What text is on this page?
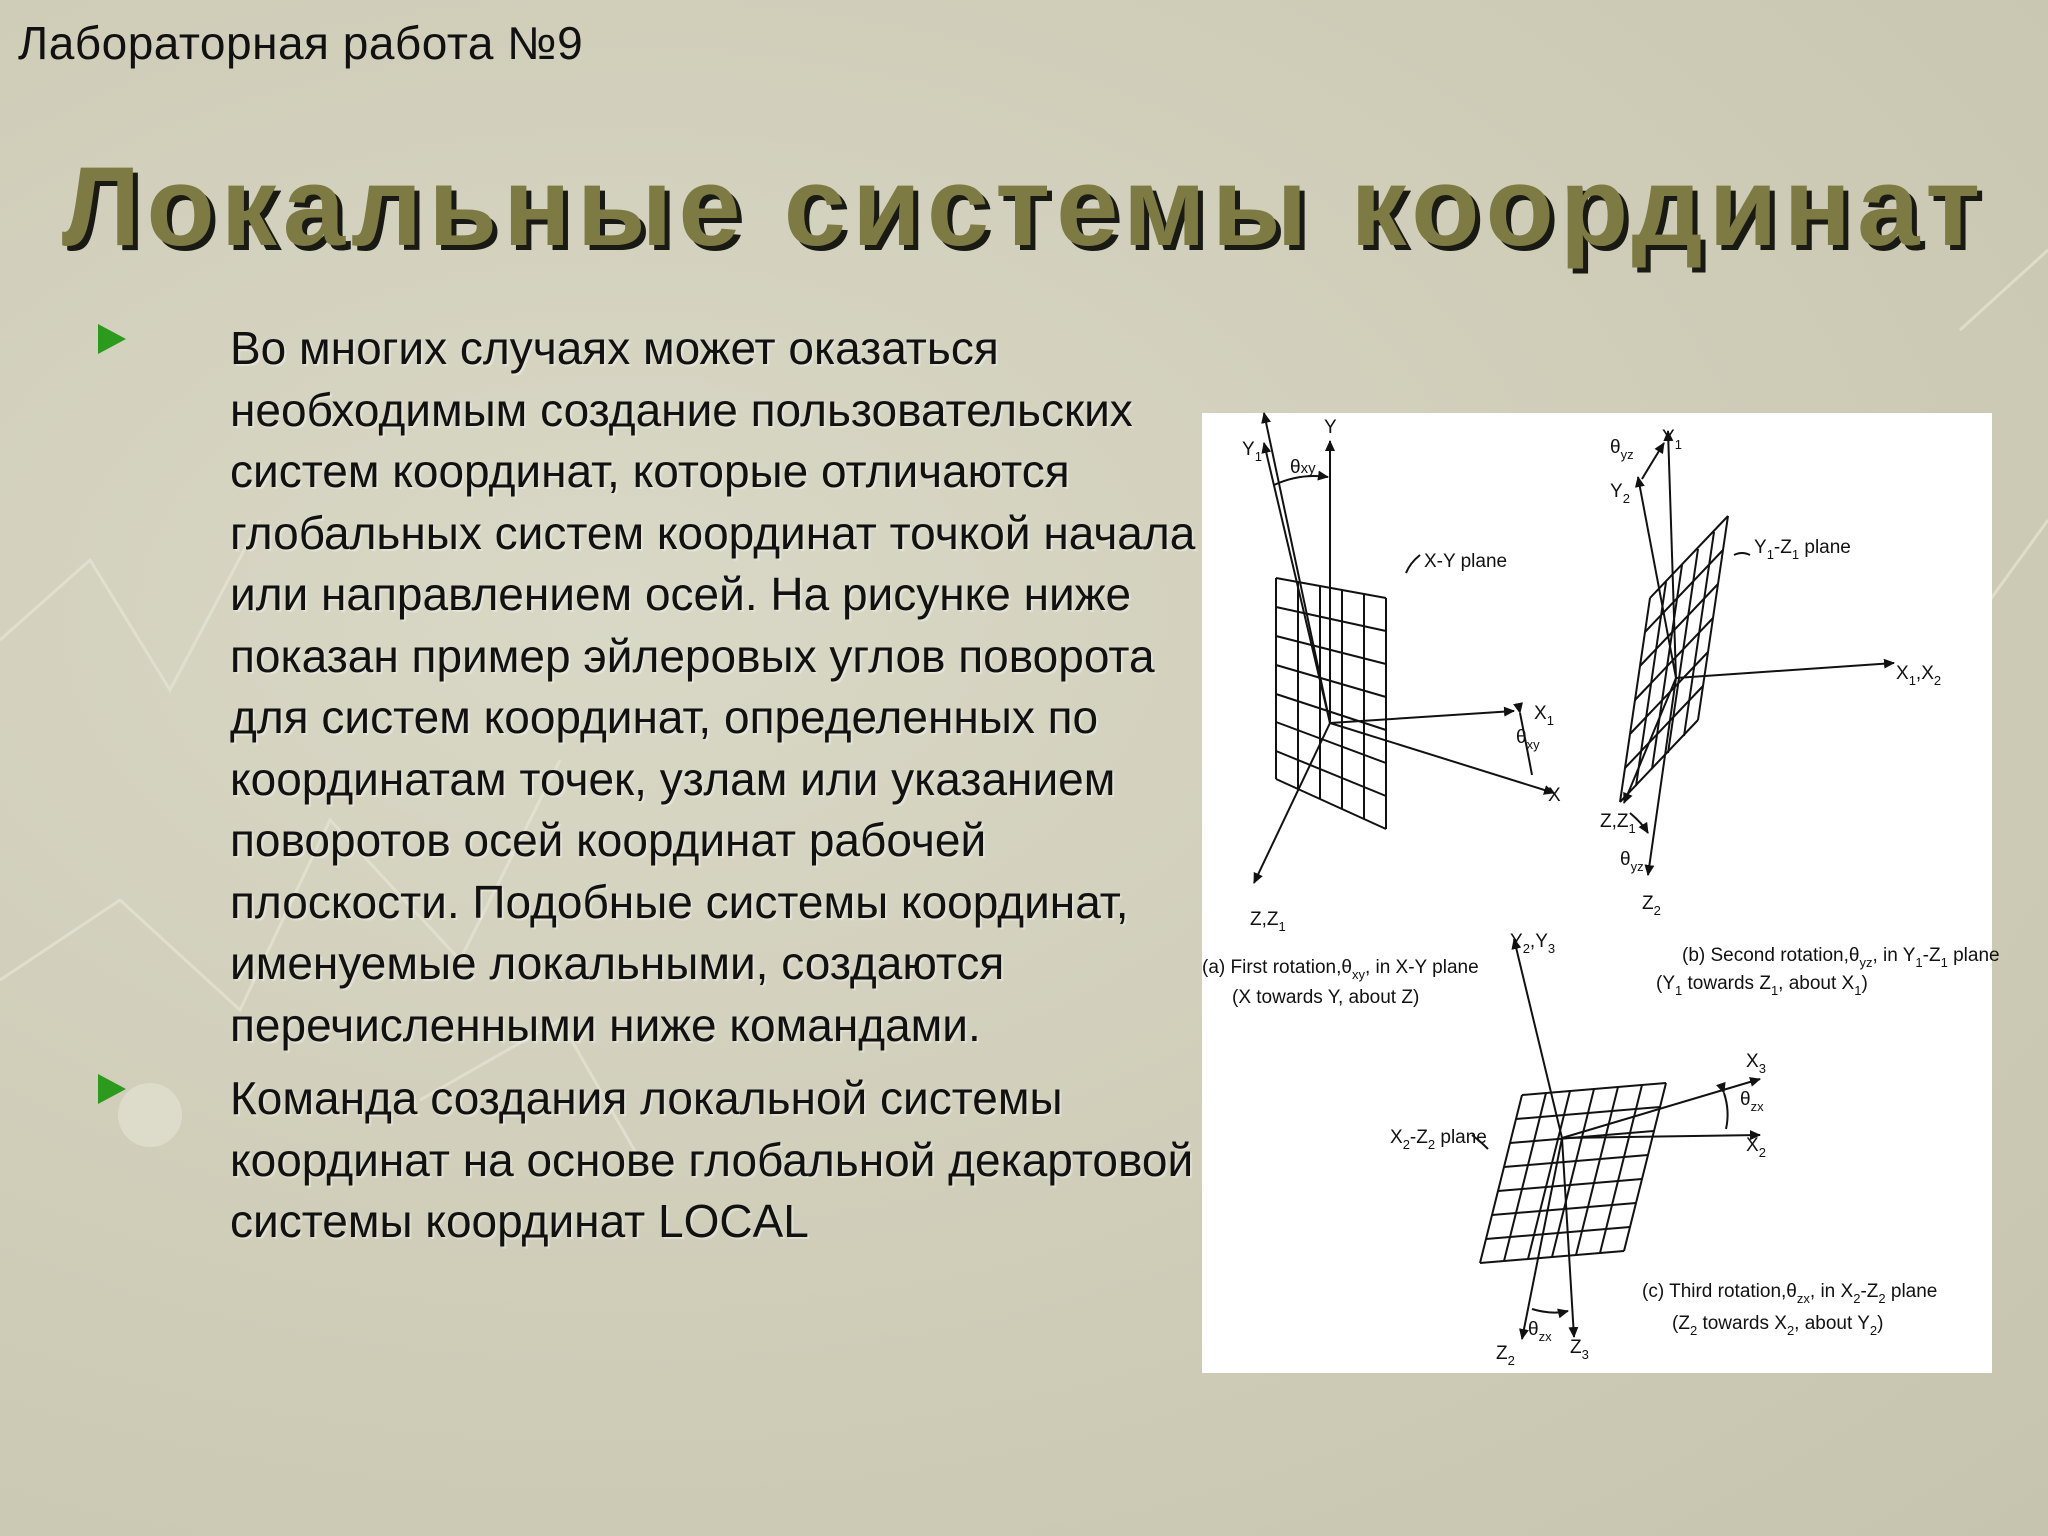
Лабораторная работа №9
Локальные системы координат
Во многих случаях может оказаться необходимым создание пользовательских систем координат, которые отличаются глобальных систем координат точкой начала или направлением осей. На рисунке ниже показан пример эйлеровых углов поворота для систем координат, определенных по координатам точек, узлам или указанием поворотов осей координат рабочей плоскости. Подобные системы координат, именуемые локальными, создаются перечисленными ниже командами.
Команда создания локальной системы координат на основе глобальной декартовой системы координат LOCAL
$Y_1$
Y
θxy
X-Y plane
$X_1$
$\theta_{xy}$
X
$Z,Z_1$
(a) First $rotation,\theta_{xy}$, in X-Y plane
(X towards Y, about Z)
$\theta_{yz}$
$Y_1$
$Y_2$
$Y_1-Z_1$ plane
$X_1,X_2$
$Z,Z_1$
$\theta_{yz}$
$Z_2$
(b) Second $rotation,\theta_{yz}$, in $Y_1-Z_1$ plane
($Y_1$ towards $Z_1$, about $X_1$)
$Y_2,Y_3$
$X_3$
$\theta_{zx}$
$X_2$
$X_2-Z_2$ plane
$Z_2$
$\theta_{zx}$
$Z_3$
(c) Third $rotation,\theta_{zx}$, in $X_2-Z_2$ plane
($Z_2$ towards $X_2$, about $Y_2$)
